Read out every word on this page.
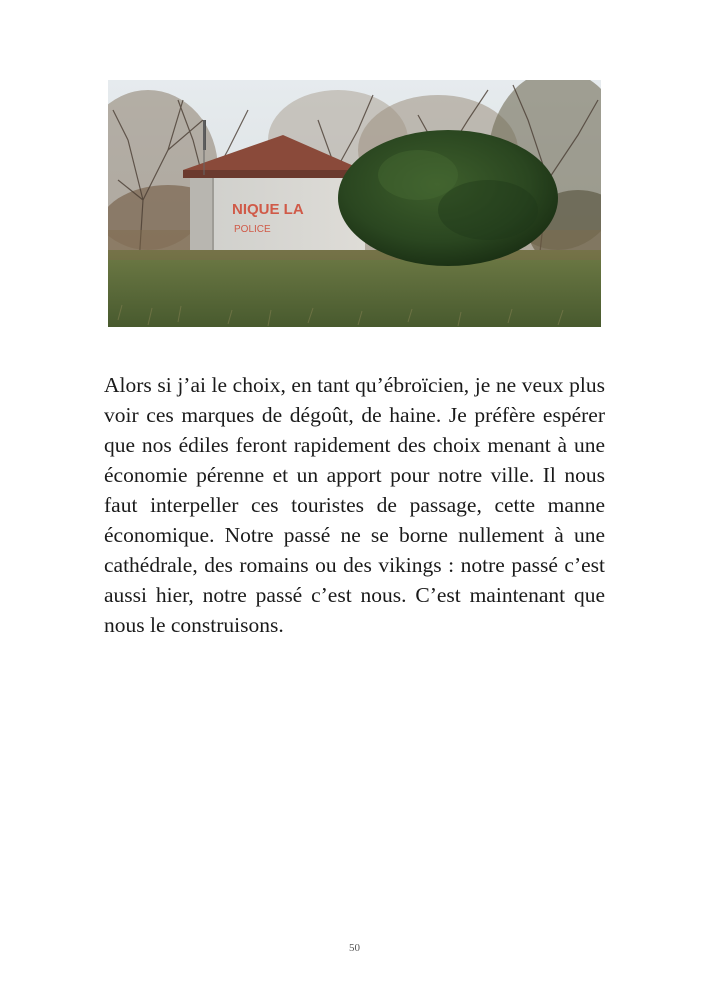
NIQUE LA
POLICE

Alors si j’ai le choix, en tant qu’ébroïcien, je ne veux plus voir ces marques de dégoût, de haine. Je préfère espérer que nos édiles feront rapidement des choix menant à une économie pérenne et un apport pour notre ville. Il nous faut interpeller ces touristes de passage, cette manne économique. Notre passé ne se borne nullement à une cathédrale, des romains ou des vikings : notre passé c’est aussi hier, notre passé c’est nous. C’est maintenant que nous le construisons.

50
